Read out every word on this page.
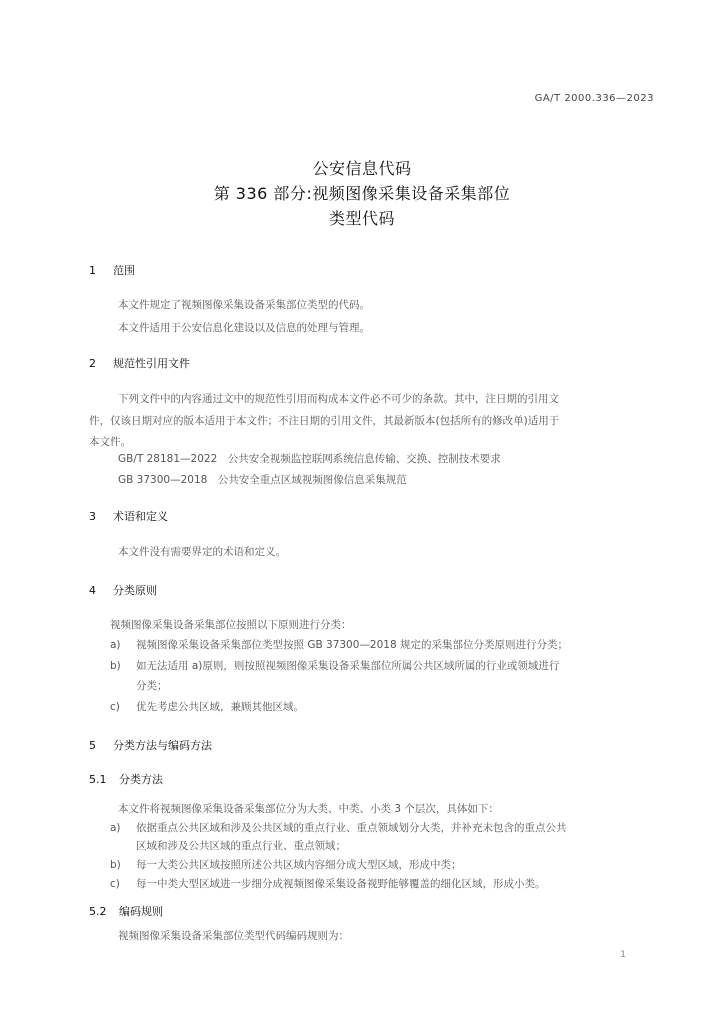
GA/T 2000.336—2023
公安信息代码
第 336 部分:视频图像采集设备采集部位
类型代码
1 范围
本文件规定了视频图像采集设备采集部位类型的代码。
本文件适用于公安信息化建设以及信息的处理与管理。
2 规范性引用文件
下列文件中的内容通过文中的规范性引用而构成本文件必不可少的条款。其中，注日期的引用文
件，仅该日期对应的版本适用于本文件；不注日期的引用文件，其最新版本(包括所有的修改单)适用于
本文件。
GB/T 28181—2022　公共安全视频监控联网系统信息传输、交换、控制技术要求
GB 37300—2018　公共安全重点区域视频图像信息采集规范
3 术语和定义
本文件没有需要界定的术语和定义。
4 分类原则
视频图像采集设备采集部位按照以下原则进行分类：
a) 视频图像采集设备采集部位类型按照 GB 37300—2018 规定的采集部位分类原则进行分类；
b) 如无法适用 a)原则，则按照视频图像采集设备采集部位所属公共区域所属的行业或领域进行
分类；
c) 优先考虑公共区域，兼顾其他区域。
5 分类方法与编码方法
5.1 分类方法
本文件将视频图像采集设备采集部位分为大类、中类、小类 3 个层次，具体如下：
a) 依据重点公共区域和涉及公共区域的重点行业、重点领域划分大类，并补充未包含的重点公共
区域和涉及公共区域的重点行业、重点领域；
b) 每一大类公共区域按照所述公共区域内容细分成大型区域，形成中类；
c) 每一中类大型区域进一步细分成视频图像采集设备视野能够覆盖的细化区域，形成小类。
5.2 编码规则
视频图像采集设备采集部位类型代码编码规则为：
1
